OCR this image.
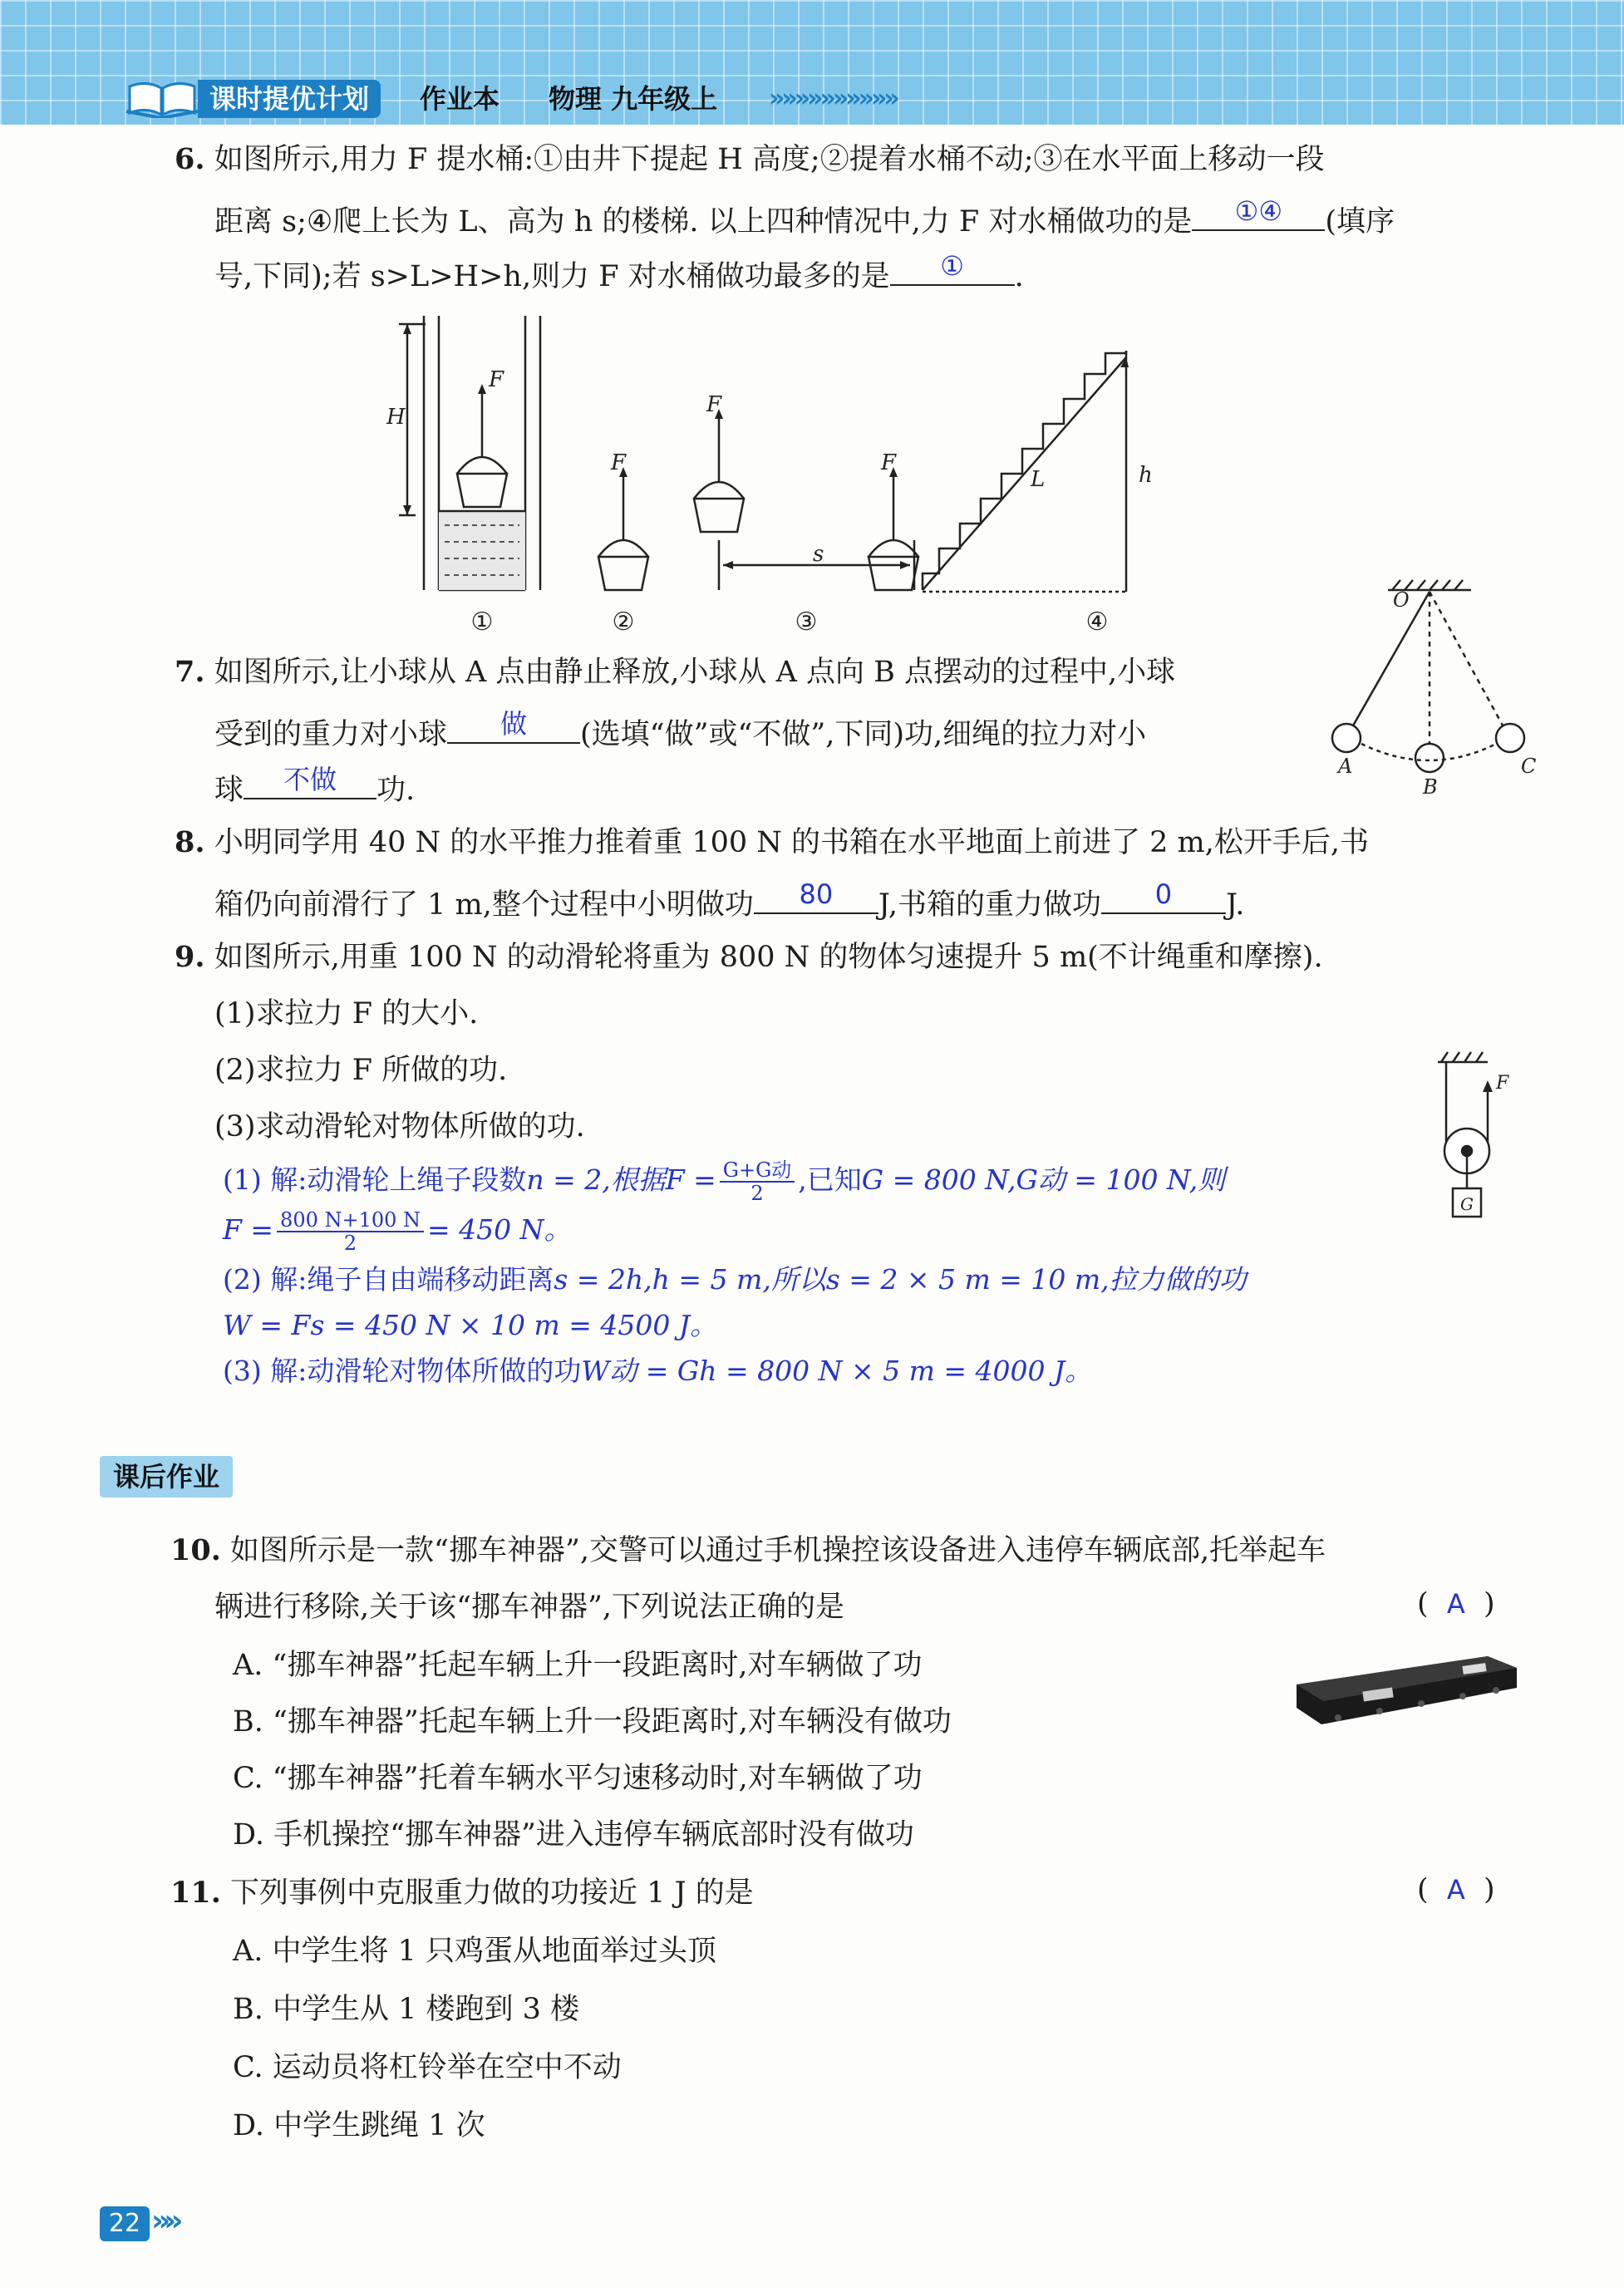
课时提优计划	作业本 物理 九年级上 »»»»»»»»»»
6. 如图所示,用力 F 提水桶:①由井下提起 H 高度;②提着水桶不动;③在水平面上移动一段
距离 s;④爬上长为 L、高为 h 的楼梯. 以上四种情况中,力 F 对水桶做功的是	①④	(填序
号,下同);若 s>L>H>h,则力 F 对水桶做功最多的是	①	.
H
F
F
F
F
s
L	h
①	②	③	④
7. 如图所示,让小球从 A 点由静止释放,小球从 A 点向 B 点摆动的过程中,小球
受到的重力对小球	做	(选填“做”或“不做”,下同)功,细绳的拉力对小
球	不做	功.
O
A
B
C
8. 小明同学用 40 N 的水平推力推着重 100 N 的书箱在水平地面上前进了 2 m,松开手后,书
箱仍向前滑行了 1 m,整个过程中小明做功	80	J,书箱的重力做功	0	J.
9. 如图所示,用重 100 N 的动滑轮将重为 800 N 的物体匀速提升 5 m(不计绳重和摩擦).
(1)求拉力 F 的大小.
(2)求拉力 F 所做的功.
(3)求动滑轮对物体所做的功.
F
G
(1) 解:动滑轮上绳子段数n = 2,根据$F = \frac{\text{G+G动}}{2}$ ,已知G = 800 N,G动 = 100 N,则
$F = \frac{800 N+100 N}{2} = 450$ N。
(2) 解:绳子自由端移动距离s = 2h,h = 5 m,所以s = 2 × 5 m = 10 m,拉力做的功
W = Fs = 450 N × 10 m = 4500 J。
(3) 解:动滑轮对物体所做的功W动 = Gh = 800 N × 5 m = 4000 J。
课后作业
10. 如图所示是一款“挪车神器”,交警可以通过手机操控该设备进入违停车辆底部,托举起车
辆进行移除,关于该“挪车神器”,下列说法正确的是	(  A  )
A. “挪车神器”托起车辆上升一段距离时,对车辆做了功
B. “挪车神器”托起车辆上升一段距离时,对车辆没有做功
C. “挪车神器”托着车辆水平匀速移动时,对车辆做了功
D. 手机操控“挪车神器”进入违停车辆底部时没有做功
11. 下列事例中克服重力做的功接近 1 J 的是	(  A  )
A. 中学生将 1 只鸡蛋从地面举过头顶
B. 中学生从 1 楼跑到 3 楼
C. 运动员将杠铃举在空中不动
D. 中学生跳绳 1 次
22 »»
